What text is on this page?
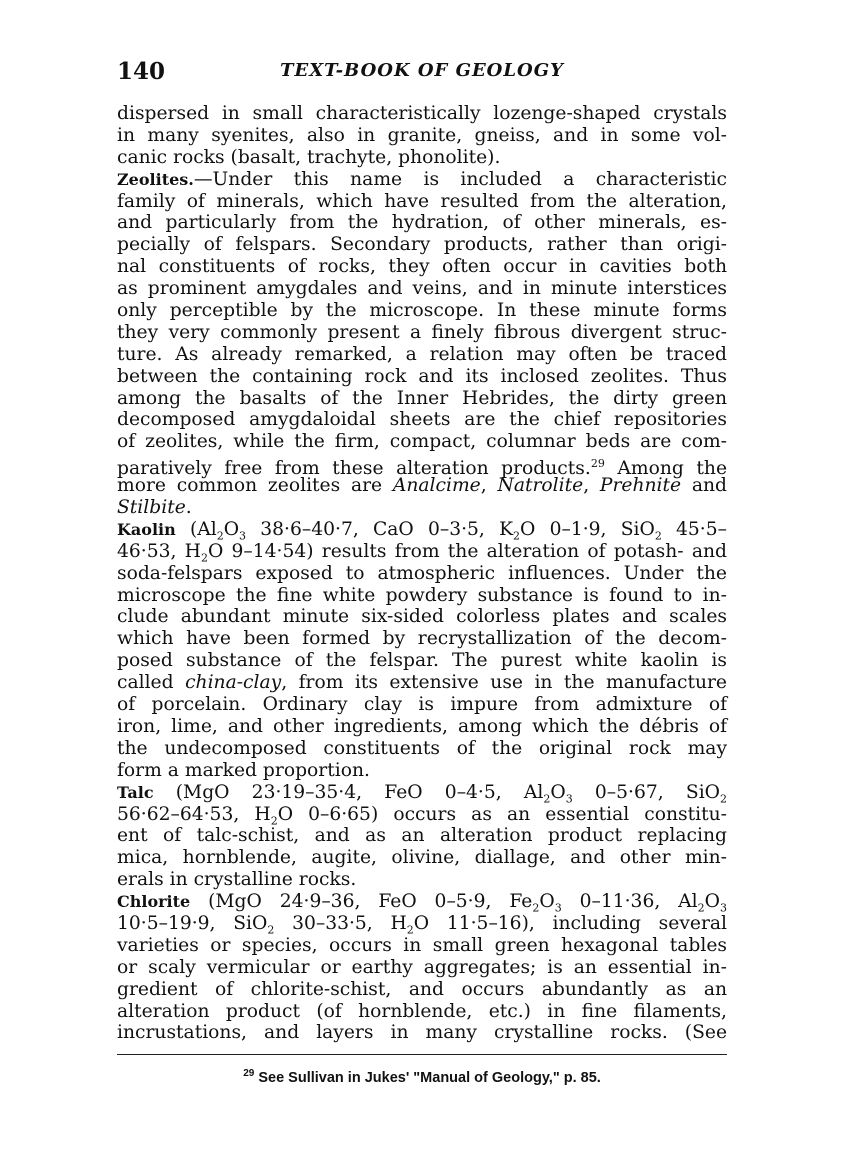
140	TEXT-BOOK OF GEOLOGY
dispersed in small characteristically lozenge-shaped crystals
in many syenites, also in granite, gneiss, and in some vol-
canic rocks (basalt, trachyte, phonolite).
Zeolites.—Under this name is included a characteristic
family of minerals, which have resulted from the alteration,
and particularly from the hydration, of other minerals, es-
pecially of felspars. Secondary products, rather than origi-
nal constituents of rocks, they often occur in cavities both
as prominent amygdales and veins, and in minute interstices
only perceptible by the microscope. In these minute forms
they very commonly present a finely fibrous divergent struc-
ture. As already remarked, a relation may often be traced
between the containing rock and its inclosed zeolites. Thus
among the basalts of the Inner Hebrides, the dirty green
decomposed amygdaloidal sheets are the chief repositories
of zeolites, while the firm, compact, columnar beds are com-
paratively free from these alteration products.$^{29}$ Among the
more common zeolites are Analcime, Natrolite, Prehnite and
Stilbite.
Kaolin ($Al_2O_3$ 38·6–40·7, CaO 0–3·5, $K_2O$ 0–1·9, SiO$_2$ 45·5–
46·53, $H_2O$ 9–14·54) results from the alteration of potash- and
soda-felspars exposed to atmospheric influences. Under the
microscope the fine white powdery substance is found to in-
clude abundant minute six-sided colorless plates and scales
which have been formed by recrystallization of the decom-
posed substance of the felspar. The purest white kaolin is
called china-clay, from its extensive use in the manufacture
of porcelain. Ordinary clay is impure from admixture of
iron, lime, and other ingredients, among which the débris of
the undecomposed constituents of the original rock may
form a marked proportion.
Talc (MgO 23·19–35·4, FeO 0–4·5, $Al_2O_3$ 0–5·67, SiO$_2$
56·62–64·53, $H_2O$ 0–6·65) occurs as an essential constitu-
ent of talc-schist, and as an alteration product replacing
mica, hornblende, augite, olivine, diallage, and other min-
erals in crystalline rocks.
Chlorite (MgO 24·9–36, FeO 0–5·9, $Fe_2O_3$ 0–11·36, $Al_2O_3$
10·5–19·9, SiO$_2$ 30–33·5, $H_2O$ 11·5–16), including several
varieties or species, occurs in small green hexagonal tables
or scaly vermicular or earthy aggregates; is an essential in-
gredient of chlorite-schist, and occurs abundantly as an
alteration product (of hornblende, etc.) in fine filaments,
incrustations, and layers in many crystalline rocks. (See
$^{29}$ See Sullivan in Jukes' "Manual of Geology," p. 85.
